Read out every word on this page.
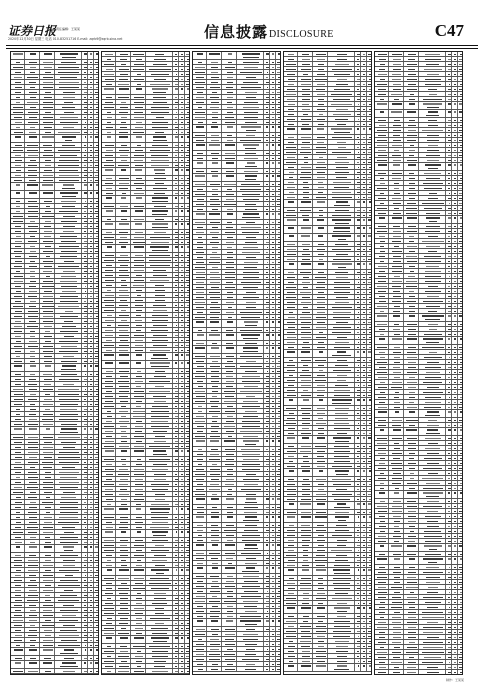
证券日报 责任编辑：王某某
2020年12月30日 星期三 电话 010-83251716 E-mail: zqrb9@zqrb.sina.net	信息披露DISCLOSURE	C47
制作：王某某
